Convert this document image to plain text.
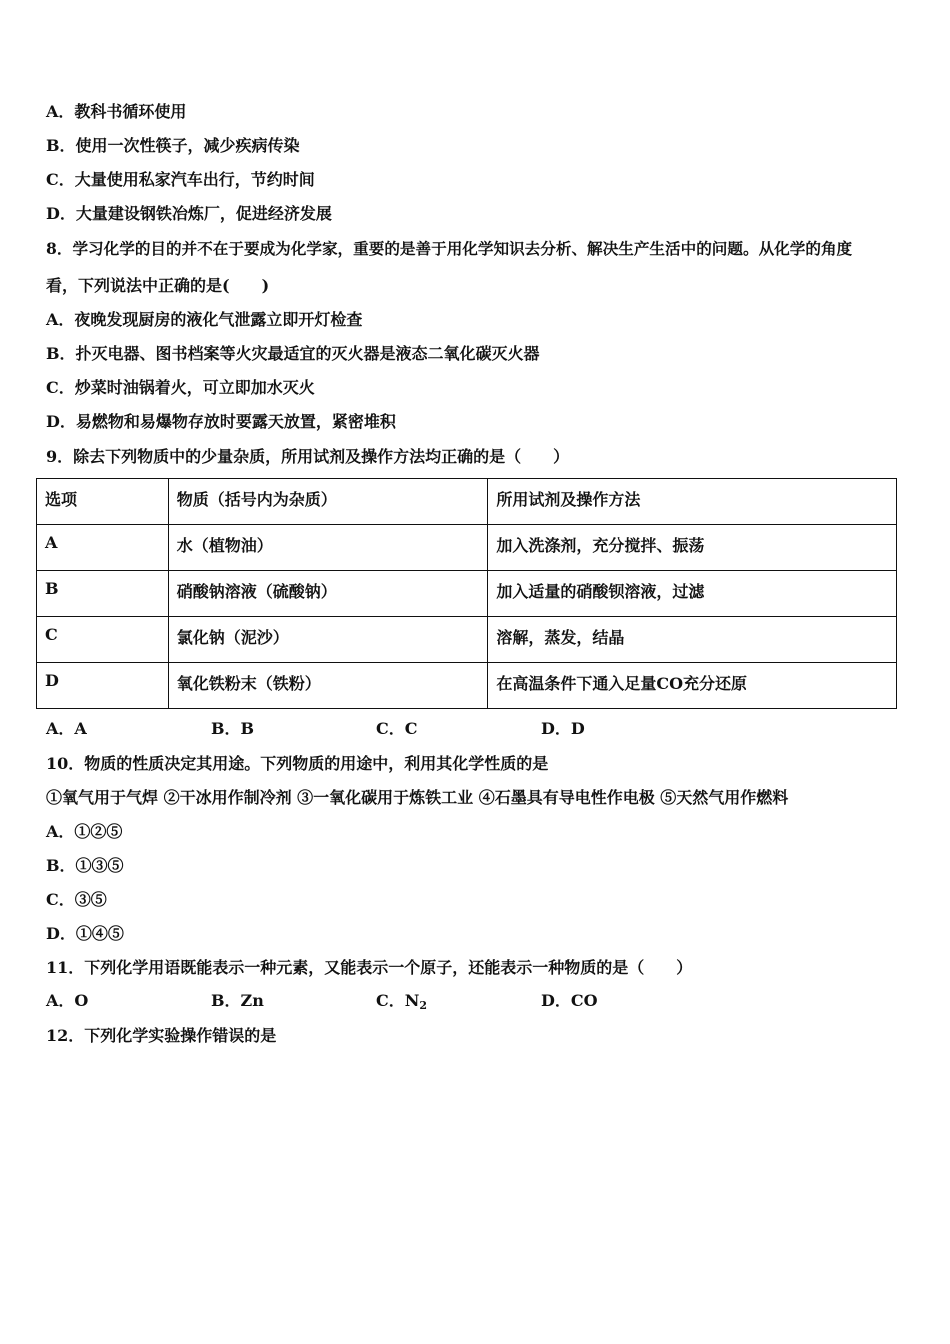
A．教科书循环使用
B．使用一次性筷子，减少疾病传染
C．大量使用私家汽车出行，节约时间
D．大量建设钢铁冶炼厂，促进经济发展
8．学习化学的目的并不在于要成为化学家，重要的是善于用化学知识去分析、解决生产生活中的问题。从化学的角度
看，下列说法中正确的是(　　)
A．夜晚发现厨房的液化气泄露立即开灯检查
B．扑灭电器、图书档案等火灾最适宜的灭火器是液态二氧化碳灭火器
C．炒菜时油锅着火，可立即加水灭火
D．易燃物和易爆物存放时要露天放置，紧密堆积
9．除去下列物质中的少量杂质，所用试剂及操作方法均正确的是（　　）
选项	物质（括号内为杂质）	所用试剂及操作方法
A	水（植物油）	加入洗涤剂，充分搅拌、振荡
B	硝酸钠溶液（硫酸钠）	加入适量的硝酸钡溶液，过滤
C	氯化钠（泥沙）	溶解，蒸发，结晶
D	氧化铁粉末（铁粉）	在高温条件下通入足量CO充分还原
A．A	B．B	C．C	D．D
10．物质的性质决定其用途。下列物质的用途中，利用其化学性质的是
①氧气用于气焊 ②干冰用作制冷剂 ③一氧化碳用于炼铁工业 ④石墨具有导电性作电极 ⑤天然气用作燃料
A．①②⑤
B．①③⑤
C．③⑤
D．①④⑤
11．下列化学用语既能表示一种元素，又能表示一个原子，还能表示一种物质的是（　　）
A．O	B．Zn	C．N2	D．CO
12．下列化学实验操作错误的是
